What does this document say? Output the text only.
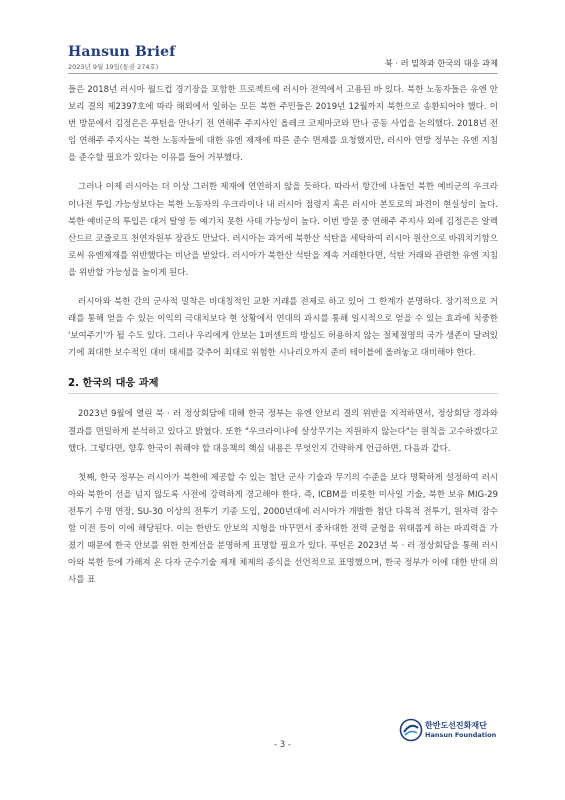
Hansun Brief
2023년 9월 19일(통권 274호)	북 · 러 밀착과 한국의 대응 과제

들은 2018년 러시아 월드컵 경기장을 포함한 프로젝트에 러시아 전역에서 고용된 바 있다. 북한 노동자들은 유엔 안보리 결의 제2397호에 따라 해외에서 일하는 모든 북한 주민들은 2019년 12월까지 북한으로 송환되어야 했다. 이번 방문에서 김정은은 푸틴을 만나기 전 연해주 주지사인 올레크 코제마코와 만나 공동 사업을 논의했다. 2018년 전임 연해주 주지사는 북한 노동자들에 대한 유엔 제재에 따른 준수 면제를 요청했지만, 러시아 연방 정부는 유엔 지침을 준수할 필요가 있다는 이유를 들어 거부했다.

그러나 이제 러시아는 더 이상 그러한 제재에 연연하지 않을 듯하다. 따라서 항간에 나돌던 북한 예비군의 우크라이나전 투입 가능성보다는 북한 노동자의 우크라이나 내 러시아 점령지 혹은 러시아 본토로의 파견이 현실성이 높다. 북한 예비군의 투입은 대거 탈영 등 예기치 못한 사태 가능성이 높다. 이번 방문 중 연해주 주지사 외에 김정은은 알렉산드르 코즐로프 천연자원부 장관도 만났다. 러시아는 과거에 북한산 석탄을 세탁하여 러시아 원산으로 바꿔치기함으로써 유엔제재를 위반했다는 비난을 받았다. 러시아가 북한산 석탄을 계속 거래한다면, 석탄 거래와 관련한 유엔 지침을 위반할 가능성을 높이게 된다.

러시아와 북한 간의 군사적 밀착은 비대칭적인 교환 거래를 전제로 하고 있어 그 한계가 분명하다. 장기적으로 거래를 통해 얻을 수 있는 이익의 극대치보다 현 상황에서 연대의 과시를 통해 일시적으로 얻을 수 있는 효과에 치중한 '보여주기'가 될 수도 있다. 그러나 우리에게 안보는 1퍼센트의 방심도 허용하지 않는 절체절명의 국가 생존이 달려있기에 최대한 보수적인 대비 태세를 갖추어 최대로 위험한 시나리오까지 준비 테이블에 올려놓고 대비해야 한다.

2. 한국의 대응 과제

2023년 9월에 열린 북 · 러 정상회담에 대해 한국 정부는 유엔 안보리 결의 위반을 지적하면서, 정상회담 경과와 결과를 면밀하게 분석하고 있다고 밝혔다. 또한 "우크라이나에 살상무기는 지원하지 않는다"는 원칙을 고수하겠다고 했다. 그렇다면, 향후 한국이 취해야 할 대응책의 핵심 내용은 무엇인지 간략하게 언급하면, 다음과 같다.

첫째, 한국 정부는 러시아가 북한에 제공할 수 있는 첨단 군사 기술과 무기의 수준을 보다 명확하게 설정하여 러시아와 북한이 선을 넘지 않도록 사전에 강력하게 경고해야 한다. 즉, ICBM을 비롯한 미사일 기술, 북한 보유 MIG-29 전투기 수명 연장, SU-30 이상의 전투기 기종 도입, 2000년대에 러시아가 개발한 첨단 다목적 전투기, 원자력 잠수함 이전 등이 이에 해당된다. 이는 한반도 안보의 지형을 바꾸면서 중차대한 전력 균형을 위태롭게 하는 파괴력을 가졌기 때문에 한국 안보를 위한 한계선을 분명하게 표명할 필요가 있다. 푸틴은 2023년 북 · 러 정상회담을 통해 러시아와 북한 등에 가해져 온 다자 군수기술 제재 체제의 종식을 선언적으로 표명했으며, 한국 정부가 이에 대한 반대 의사를 표

한반도선진화재단
Hansun Foundation
- 3 -
